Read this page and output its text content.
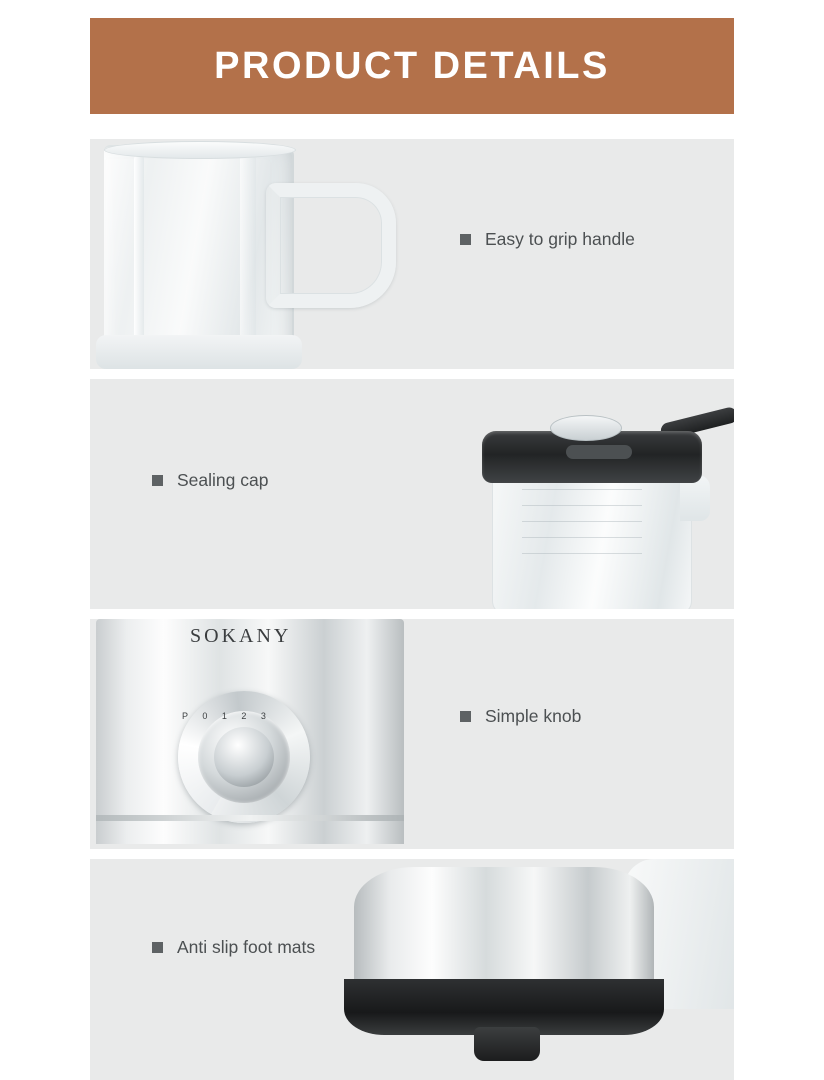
PRODUCT DETAILS
Easy to grip handle
Sealing cap
SOKANY
P 0 1 2 3	Simple knob
Anti slip foot mats
